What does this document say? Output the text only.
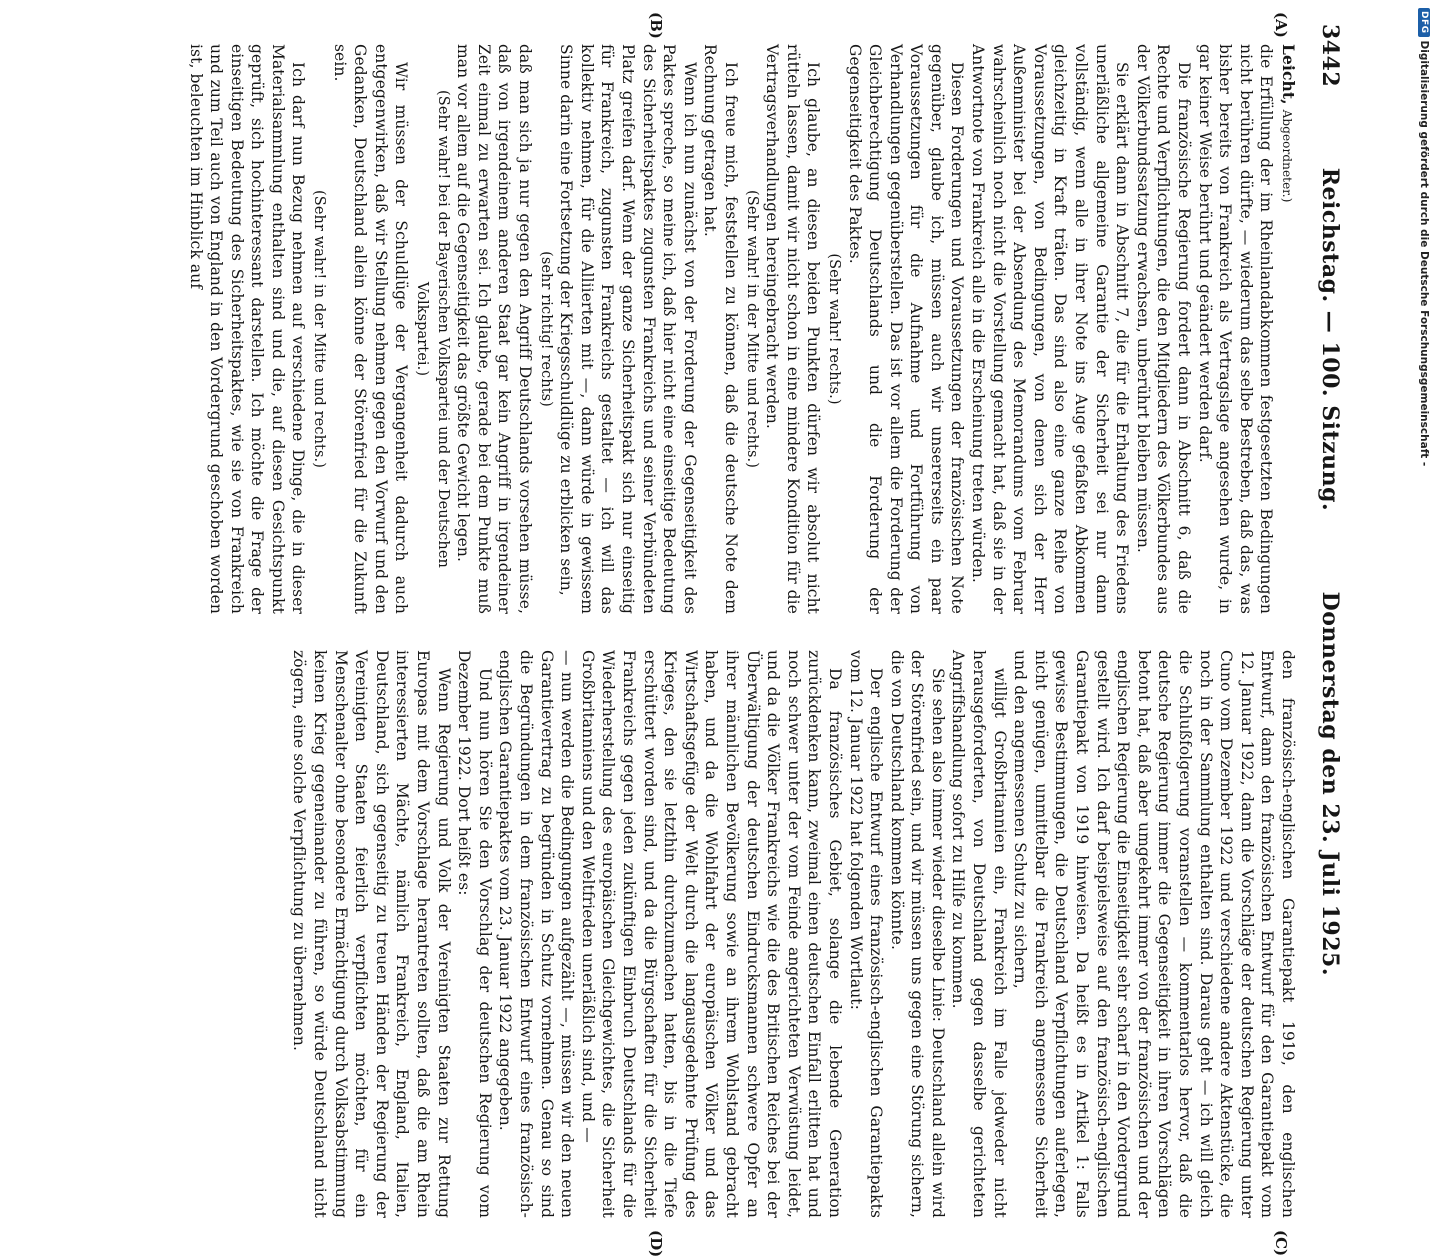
3442
Reichstag. — 100. Sitzung.
Donnerstag den 23. Juli 1925.
(A)
(B)
(C)
(D)

Leicht, Abgeordneter.)

die Erfüllung der im Rheinlandabkommen festgesetzten Bedingungen nicht berühren dürfte, — wiederum das selbe Bestreben, daß das, was bisher bereits von Frankreich als Vertragslage angesehen wurde, in gar keiner Weise berührt und geändert werden darf.

Die französische Regierung fordert dann in Abschnitt 6, daß die Rechte und Verpflichtungen, die den Mitgliedern des Völkerbundes aus der Völkerbundssatzung erwachsen, unberührt bleiben müssen.

Sie erklärt dann in Abschnitt 7, die für die Erhaltung des Friedens unerläßliche allgemeine Garantie der Sicherheit sei nur dann vollständig, wenn alle in ihrer Note ins Auge gefaßten Abkommen gleichzeitig in Kraft träten. Das sind also eine ganze Reihe von Voraussetzungen, von Bedingungen, von denen sich der Herr Außenminister bei der Absendung des Memorandums vom Februar wahrscheinlich noch nicht die Vorstellung gemacht hat, daß sie in der Antwortnote von Frankreich alle in die Erscheinung treten würden.

Diesen Forderungen und Voraussetzungen der französischen Note gegenüber, glaube ich, müssen auch wir unsererseits ein paar Voraussetzungen für die Aufnahme und Fortführung von Verhandlungen gegenüberstellen. Das ist vor allem die Forderung der Gleichberechtigung Deutschlands und die Forderung der Gegenseitigkeit des Paktes.

(Sehr wahr! rechts.)

Ich glaube, an diesen beiden Punkten dürfen wir absolut nicht rütteln lassen, damit wir nicht schon in eine mindere Kondition für die Vertragsverhandlungen hereingebracht werden.

(Sehr wahr! in der Mitte und rechts.)

Ich freue mich, feststellen zu können, daß die deutsche Note dem Rechnung getragen hat.

Wenn ich nun zunächst von der Forderung der Gegenseitigkeit des Paktes spreche, so meine ich, daß hier nicht eine einseitige Bedeutung des Sicherheitspaktes zugunsten Frankreichs und seiner Verbündeten Platz greifen darf. Wenn der ganze Sicherheitspakt sich nur einseitig für Frankreich, zugunsten Frankreichs gestaltet — ich will das kollektiv nehmen, für die Alliierten mit —, dann würde in gewissem Sinne darin eine Fortsetzung der Kriegsschuldlüge zu erblicken sein,

(sehr richtig! rechts)

daß man sich ja nur gegen den Angriff Deutschlands vorsehen müsse, daß von irgendeinem anderen Staat gar kein Angriff in irgendeiner Zeit einmal zu erwarten sei. Ich glaube, gerade bei dem Punkte muß man vor allem auf die Gegenseitigkeit das größte Gewicht legen.

(Sehr wahr! bei der Bayerischen Volkspartei und der Deutschen Volkspartei.)

Wir müssen der Schuldlüge der Vergangenheit dadurch auch entgegenwirken, daß wir Stellung nehmen gegen den Vorwurf und den Gedanken, Deutschland allein könne der Störenfried für die Zukunft sein.

(Sehr wahr! in der Mitte und rechts.)

Ich darf nun Bezug nehmen auf verschiedene Dinge, die in dieser Materialsammlung enthalten sind und die, auf diesen Gesichtspunkt geprüft, sich hochinteressant darstellen. Ich möchte die Frage der einseitigen Bedeutung des Sicherheitspaktes, wie sie von Frankreich und zum Teil auch von England in den Vordergrund geschoben worden ist, beleuchten im Hinblick auf

den französisch-englischen Garantiepakt 1919, den englischen Entwurf, dann den französischen Entwurf für den Garantiepakt vom 12. Januar 1922, dann die Vorschläge der deutschen Regierung unter Cuno vom Dezember 1922 und verschiedene andere Aktenstücke, die noch in der Sammlung enthalten sind. Daraus geht — ich will gleich die Schlußfolgerung voranstellen — kommentarlos hervor, daß die deutsche Regierung immer die Gegenseitigkeit in ihren Vorschlägen betont hat, daß aber umgekehrt immer von der französischen und der englischen Regierung die Einseitigkeit sehr scharf in den Vordergrund gestellt wird. Ich darf beispielsweise auf den französisch-englischen Garantiepakt von 1919 hinweisen. Da heißt es in Artikel 1: Falls gewisse Bestimmungen, die Deutschland Verpflichtungen auferlegen, nicht genügen, unmittelbar die Frankreich angemessene Sicherheit und den angemessenen Schutz zu sichern,

willigt Großbritannien ein, Frankreich im Falle jedweder nicht herausgeforderten, von Deutschland gegen dasselbe gerichteten Angriffshandlung sofort zu Hilfe zu kommen.

Sie sehen also immer wieder dieselbe Linie: Deutschland allein wird der Störenfried sein, und wir müssen uns gegen eine Störung sichern, die von Deutschland kommen könnte.

Der englische Entwurf eines französisch-englischen Garantiepakts vom 12. Januar 1922 hat folgenden Wortlaut:

Da französisches Gebiet, solange die lebende Generation zurückdenken kann, zweimal einen deutschen Einfall erlitten hat und noch schwer unter der vom Feinde angerichteten Verwüstung leidet, und da die Völker Frankreichs wie die des Britischen Reiches bei der Überwältigung der deutschen Eindrucksmannen schwere Opfer an ihrer männlichen Bevölkerung sowie an ihrem Wohlstand gebracht haben, und da die Wohlfahrt der europäischen Völker und das Wirtschaftsgefüge der Welt durch die langausgedehnte Prüfung des Krieges, den sie letzthin durchzumachen hatten, bis in die Tiefe erschüttert worden sind, und da die Bürgschaften für die Sicherheit Frankreichs gegen jeden zukünftigen Einbruch Deutschlands für die Wiederherstellung des europäischen Gleichgewichtes, die Sicherheit Großbritanniens und den Weltfrieden unerläßlich sind, und —

— nun werden die Bedingungen aufgezählt —, müssen wir den neuen Garantievertrag zu begründen in Schutz vornehmen. Genau so sind die Begründungen in dem französischen Entwurf eines französisch-englischen Garantiepaktes vom 23. Januar 1922 angegeben.

Und nun hören Sie den Vorschlag der deutschen Regierung vom Dezember 1922. Dort heißt es:

Wenn Regierung und Volk der Vereinigten Staaten zur Rettung Europas mit dem Vorschlage herantreten sollten, daß die am Rhein interessierten Mächte, nämlich Frankreich, England, Italien, Deutschland, sich gegenseitig zu treuen Händen der Regierung der Vereinigten Staaten feierlich verpflichten möchten, für ein Menschenalter ohne besondere Ermächtigung durch Volksabstimmung keinen Krieg gegeneinander zu führen, so würde Deutschland nicht zögern, eine solche Verpflichtung zu übernehmen.

DFG
Digitalisierung gefördert durch die Deutsche Forschungsgemeinschaft -
